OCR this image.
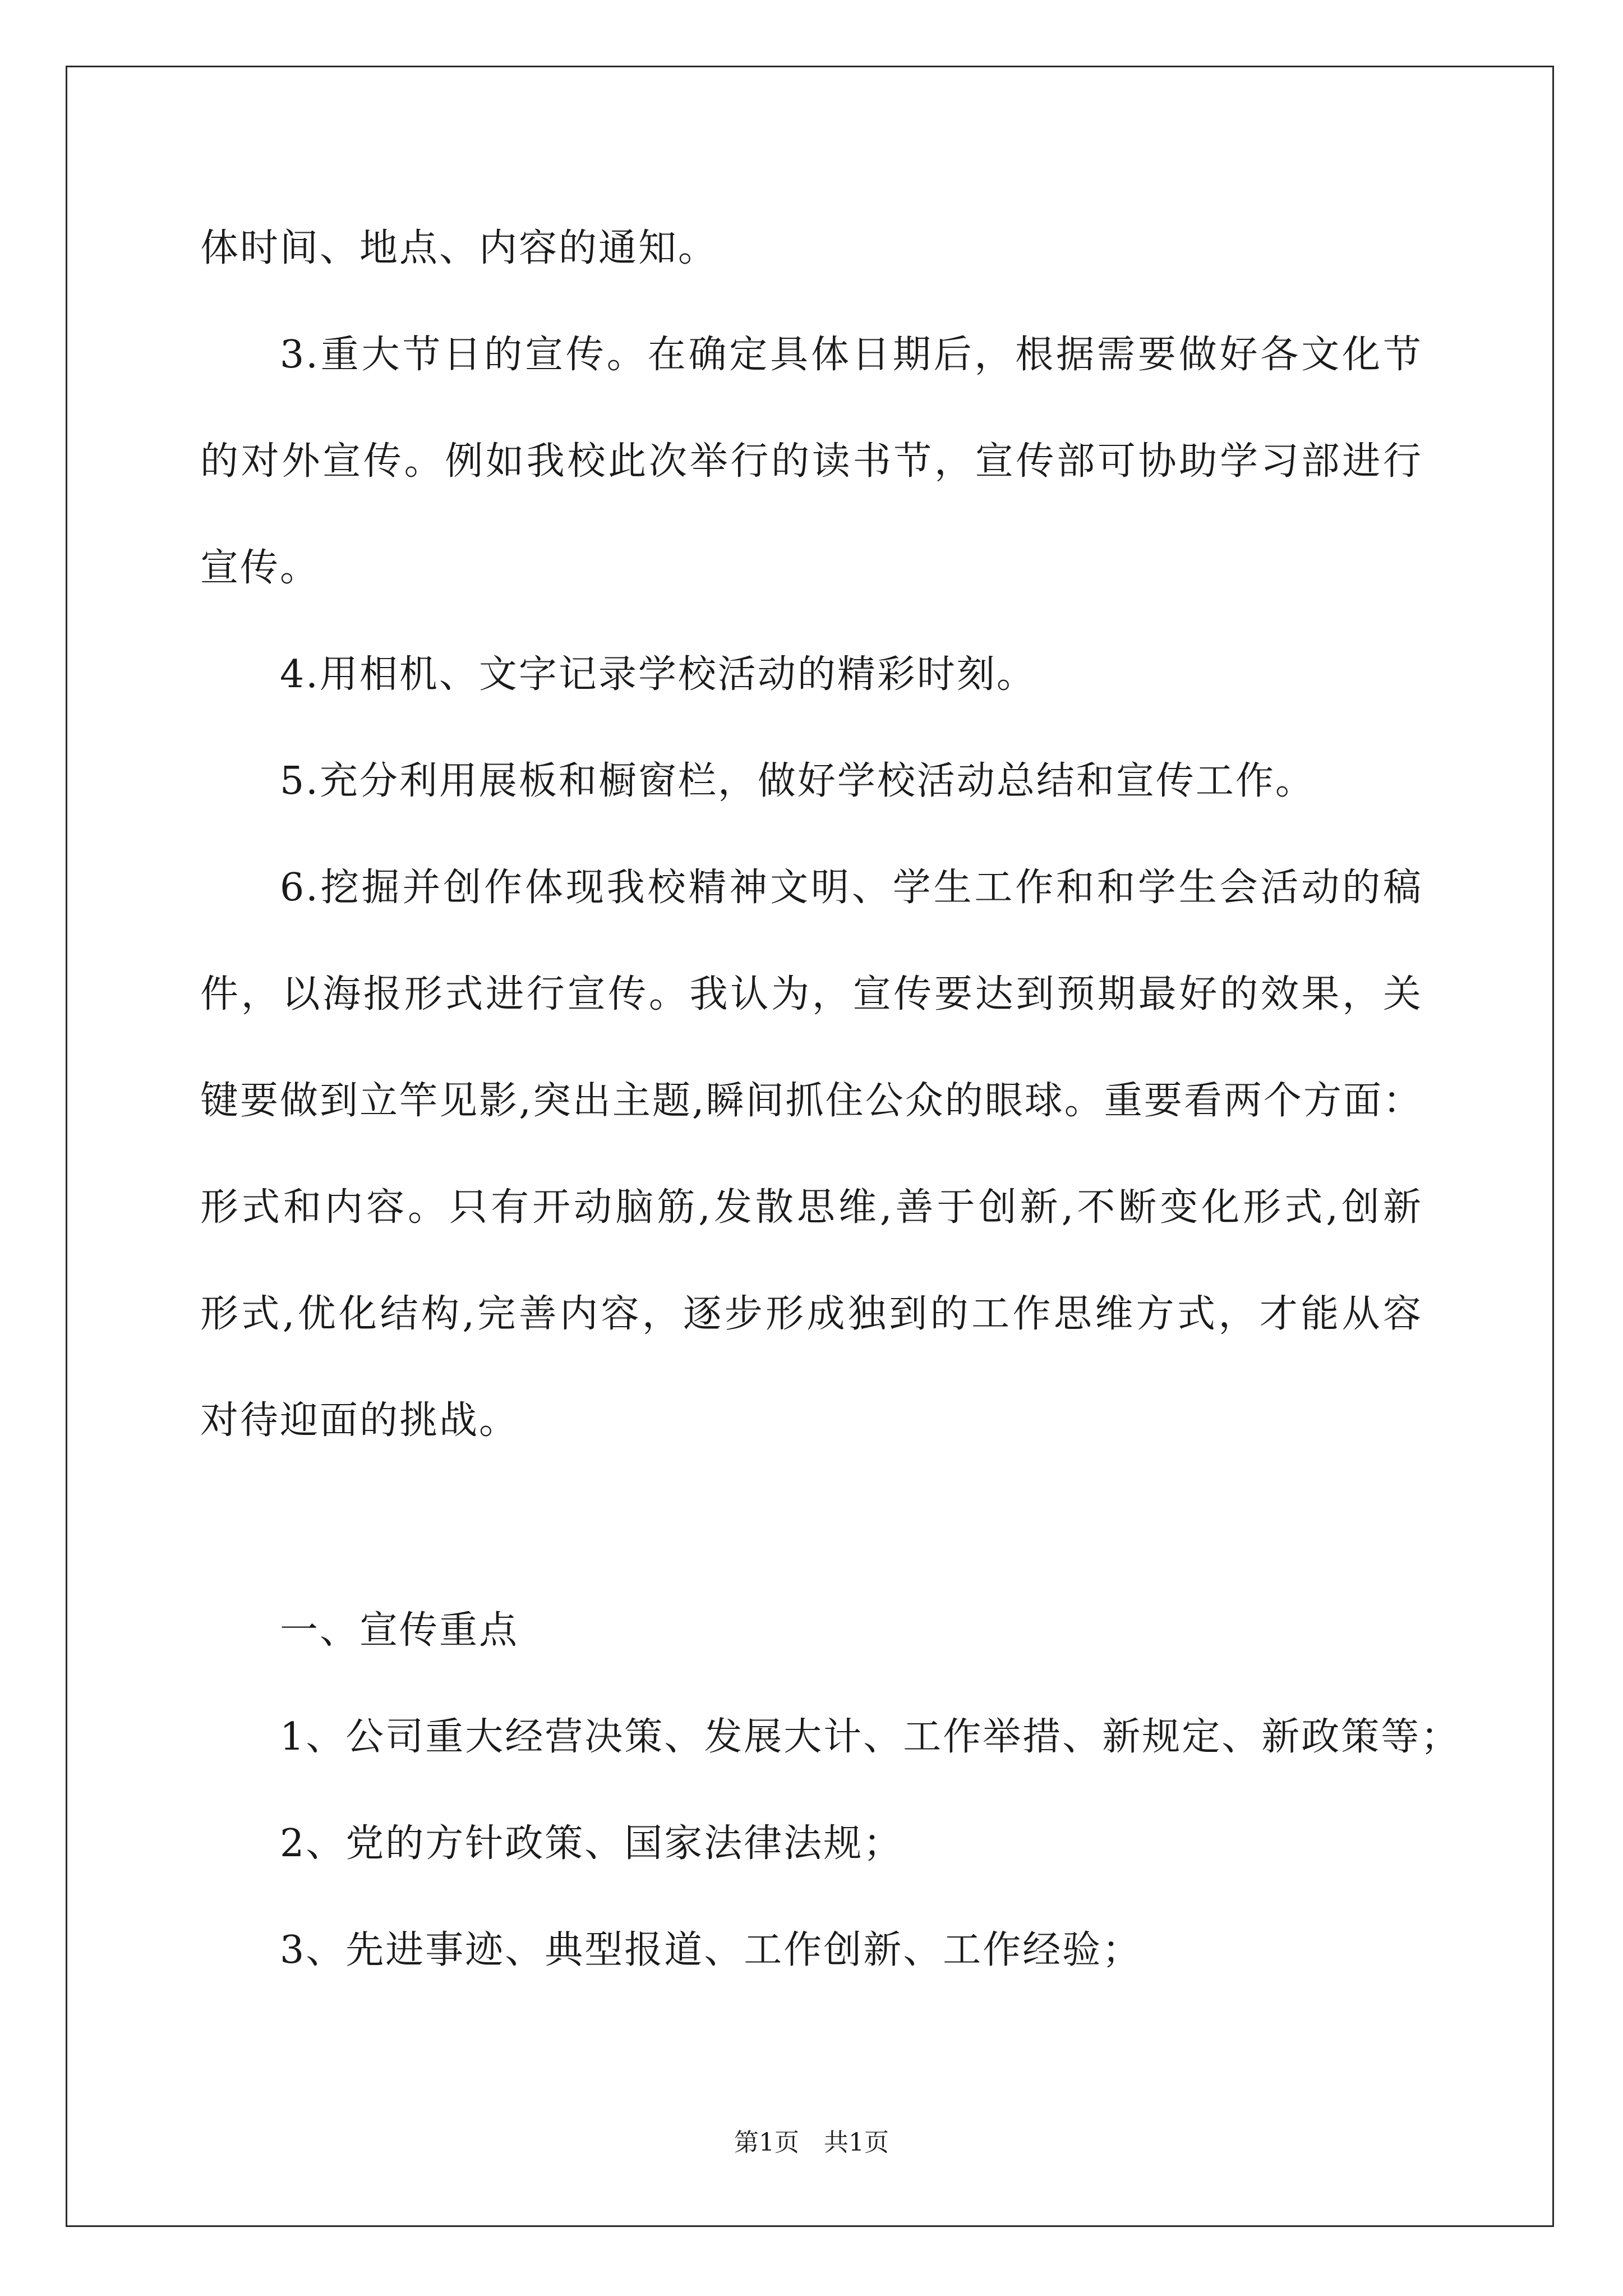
体时间、地点、内容的通知。
3.重大节日的宣传。在确定具体日期后，根据需要做好各文化节
的对外宣传。例如我校此次举行的读书节，宣传部可协助学习部进行
宣传。
4.用相机、文字记录学校活动的精彩时刻。
5.充分利用展板和橱窗栏，做好学校活动总结和宣传工作。
6.挖掘并创作体现我校精神文明、学生工作和和学生会活动的稿
件，以海报形式进行宣传。我认为，宣传要达到预期最好的效果，关
键要做到立竿见影,突出主题,瞬间抓住公众的眼球。重要看两个方面：
形式和内容。只有开动脑筋,发散思维,善于创新,不断变化形式,创新
形式,优化结构,完善内容，逐步形成独到的工作思维方式，才能从容
对待迎面的挑战。
一、宣传重点
1、公司重大经营决策、发展大计、工作举措、新规定、新政策等；
2、党的方针政策、国家法律法规；
3、先进事迹、典型报道、工作创新、工作经验；
第1页　共1页
